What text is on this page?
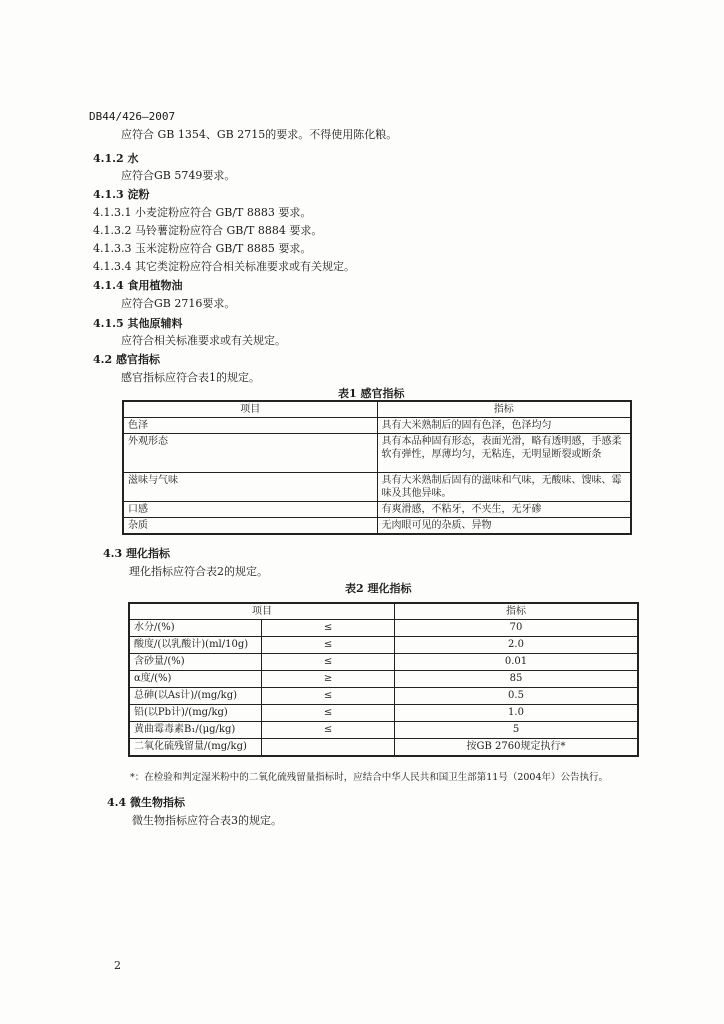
DB44/426—2007
应符合 GB 1354、GB 2715的要求。不得使用陈化粮。
4.1.2 水
应符合GB 5749要求。
4.1.3 淀粉
4.1.3.1 小麦淀粉应符合 GB/T 8883 要求。
4.1.3.2 马铃薯淀粉应符合 GB/T 8884 要求。
4.1.3.3 玉米淀粉应符合 GB/T 8885 要求。
4.1.3.4 其它类淀粉应符合相关标准要求或有关规定。
4.1.4 食用植物油
应符合GB 2716要求。
4.1.5 其他原辅料
应符合相关标准要求或有关规定。
4.2 感官指标
感官指标应符合表1的规定。
表1 感官指标
项目	指标
色泽	具有大米熟制后的固有色泽，色泽均匀
外观形态	具有本品种固有形态，表面光滑，略有透明感，手感柔软有弹性，厚薄均匀，无粘连，无明显断裂或断条
滋味与气味	具有大米熟制后固有的滋味和气味，无酸味、馊味、霉味及其他异味。
口感	有爽滑感，不粘牙，不夹生，无牙碜
杂质	无肉眼可见的杂质、异物
4.3 理化指标
理化指标应符合表2的规定。
表2 理化指标
项目		指标
水分/(%)	≤	70
酸度/(以乳酸计)(ml/10g)	≤	2.0
含砂量/(%)	≤	0.01
α度/(%)	≥	85
总砷(以As计)/(mg/kg)	≤	0.5
铅(以Pb计)/(mg/kg)	≤	1.0
黄曲霉毒素B₁/(μg/kg)	≤	5
二氧化硫残留量/(mg/kg)		按GB 2760规定执行*
*：在检验和判定湿米粉中的二氧化硫残留量指标时，应结合中华人民共和国卫生部第11号（2004年）公告执行。
4.4 微生物指标
微生物指标应符合表3的规定。
2
